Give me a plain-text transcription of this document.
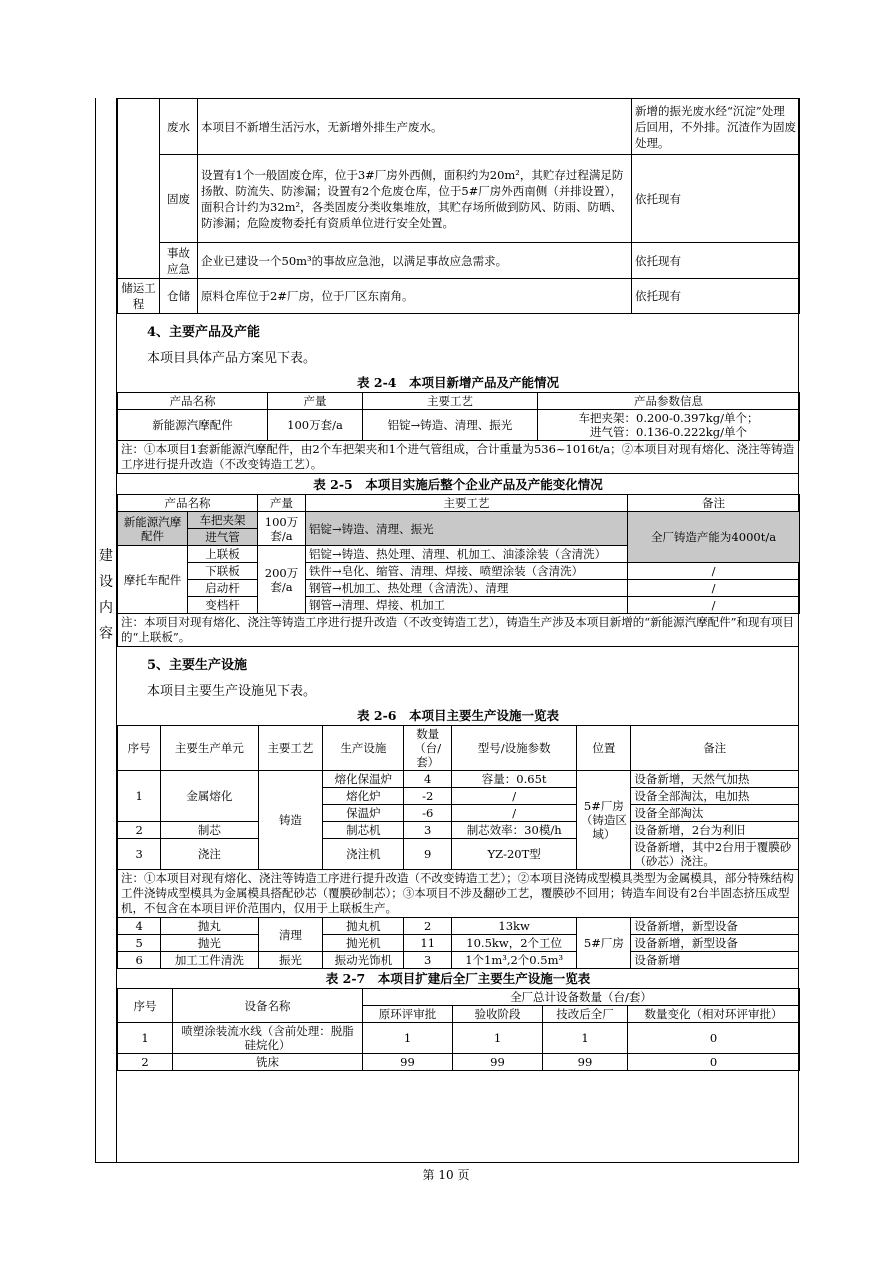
建
设
内
容
	废水	本项目不新增生活污水，无新增外排生产废水。	新增的振光废水经“沉淀”处理后回用，不外排。沉渣作为固废处理。
	固废	设置有1个一般固废仓库，位于3#厂房外西侧，面积约为20m²，其贮存过程满足防扬散、防流失、防渗漏；设置有2个危废仓库，位于5#厂房外西南侧（并排设置），面积合计约为32m²，各类固废分类收集堆放，其贮存场所做到防风、防雨、防晒、防渗漏；危险废物委托有资质单位进行安全处置。	依托现有
	事故应急	企业已建设一个50m³的事故应急池，以满足事故应急需求。	依托现有
储运工程	仓储	原料仓库位于2#厂房，位于厂区东南角。	依托现有
4、主要产品及产能
本项目具体产品方案见下表。
表 2-4　本项目新增产品及产能情况
产品名称	产量	主要工艺	产品参数信息
新能源汽摩配件	100万套/a	铝锭→铸造、清理、振光	车把夹架：0.200-0.397kg/单个；
进气管：0.136-0.222kg/单个
注：①本项目1套新能源汽摩配件，由2个车把架夹和1个进气管组成，合计重量为536~1016t/a；②本项目对现有熔化、浇注等铸造工序进行提升改造（不改变铸造工艺）。
表 2-5　本项目实施后整个企业产品及产能变化情况
产品名称		产量	主要工艺	备注
新能源汽摩配件	车把夹架	100万套/a	铝锭→铸造、清理、振光	全厂铸造产能为4000t/a
	进气管			
摩托车配件	上联板	200万套/a	铝锭→铸造、热处理、清理、机加工、油漆涂装（含清洗）	
	下联板		铁件→皂化、缩管、清理、焊接、喷塑涂装（含清洗）	/
	启动杆		钢管→机加工、热处理（含清洗）、清理	/
	变档杆		钢管→清理、焊接、机加工	/
注：本项目对现有熔化、浇注等铸造工序进行提升改造（不改变铸造工艺），铸造生产涉及本项目新增的“新能源汽摩配件”和现有项目的“上联板”。
5、主要生产设施
本项目主要生产设施见下表。
表 2-6　本项目主要生产设施一览表
序号	主要生产单元	主要工艺	生产设施	数量（台/套）	型号/设施参数	位置	备注
1	金属熔化	铸造	熔化保温炉	4	容量：0.65t	5#厂房（铸造区域）	设备新增，天然气加热
			熔化炉	-2	/		设备全部淘汰，电加热
			保温炉	-6	/		设备全部淘汰
2	制芯		制芯机	3	制芯效率：30模/h		设备新增，2台为利旧
3	浇注		浇注机	9	YZ-20T型		设备新增，其中2台用于覆膜砂（砂芯）浇注。
注：①本项目对现有熔化、浇注等铸造工序进行提升改造（不改变铸造工艺）；②本项目浇铸成型模具类型为金属模具，部分特殊结构工件浇铸成型模具为金属模具搭配砂芯（覆膜砂制芯）；③本项目不涉及翻砂工艺，覆膜砂不回用；铸造车间设有2台半固态挤压成型机，不包含在本项目评价范围内，仅用于上联板生产。							
4	抛丸	清理	抛丸机	2	13kw	5#厂房	设备新增，新型设备
5	抛光		抛光机	11	10.5kw，2个工位		设备新增，新型设备
6	加工工件清洗	振光	振动光饰机	3	1个1m³,2个0.5m³		设备新增
表 2-7　本项目扩建后全厂主要生产设施一览表
序号	设备名称	全厂总计设备数量（台/套）			
		原环评审批	验收阶段	技改后全厂	数量变化（相对环评审批）
1	喷塑涂装流水线（含前处理：脱脂硅烷化）	1	1	1	0
2	铣床	99	99	99	0
第 10 页
